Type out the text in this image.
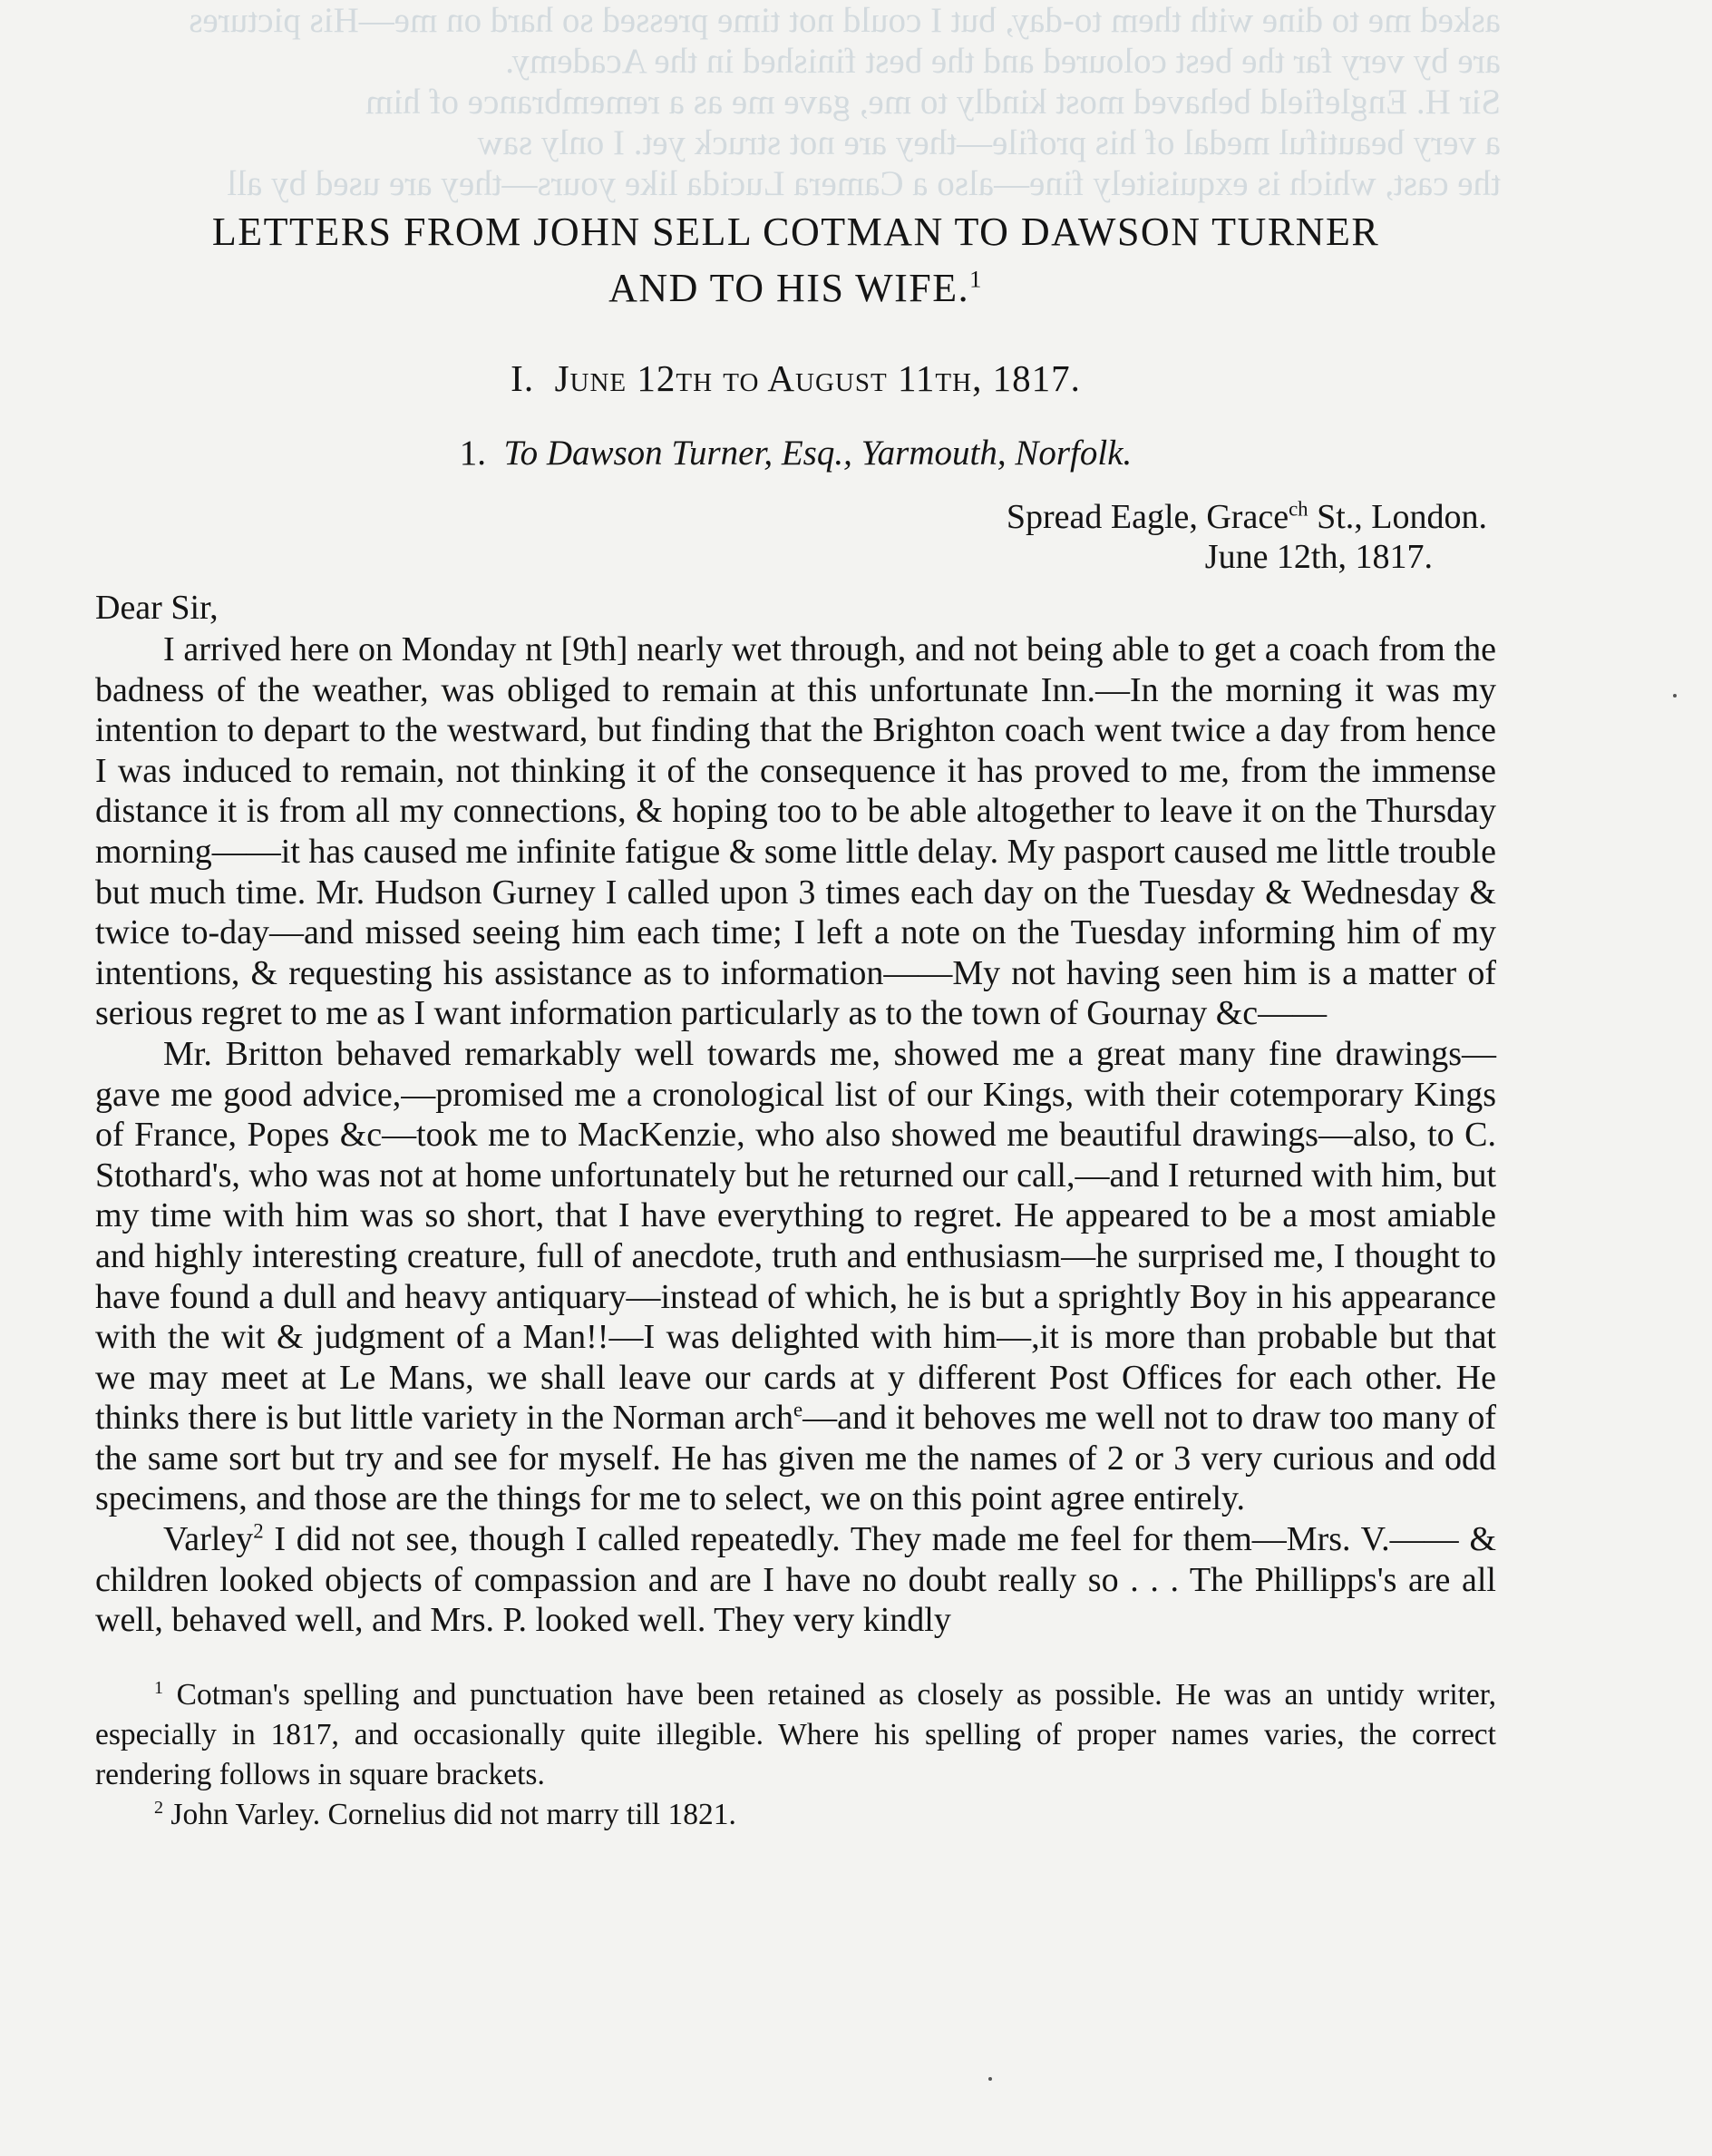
asked me to dine with them to-day, but I could not time pressed so hard on me—His pictures
are by very far the best coloured and the best finished in the Academy.
Sir H. Englefield behaved most kindly to me, gave me as a remembrance of him
a very beautiful medal of his profile—they are not struck yet. I only saw
the cast, which is exquisitely fine—also a Camera Lucida like yours—they are used by all
LETTERS FROM JOHN SELL COTMAN TO DAWSON TURNER
AND TO HIS WIFE.$^1$
I. June 12th to August 11th, 1817.
1. To Dawson Turner, Esq., Yarmouth, Norfolk.
Spread Eagle, Grace$^{ch}$ St., London.
June 12th, 1817.
Dear Sir,

I arrived here on Monday nt [9th] nearly wet through, and not being able to get a coach from the badness of the weather, was obliged to remain at this unfortunate Inn.—In the morning it was my intention to depart to the westward, but finding that the Brighton coach went twice a day from hence I was induced to remain, not thinking it of the consequence it has proved to me, from the immense distance it is from all my connections, & hoping too to be able altogether to leave it on the Thursday morning——it has caused me infinite fatigue & some little delay. My pasport caused me little trouble but much time. Mr. Hudson Gurney I called upon 3 times each day on the Tuesday & Wednesday & twice to-day—and missed seeing him each time; I left a note on the Tuesday informing him of my intentions, & requesting his assistance as to information——My not having seen him is a matter of serious regret to me as I want information particularly as to the town of Gournay &c——

Mr. Britton behaved remarkably well towards me, showed me a great many fine drawings—gave me good advice,—promised me a cronological list of our Kings, with their cotemporary Kings of France, Popes &c—took me to MacKenzie, who also showed me beautiful drawings—also, to C. Stothard's, who was not at home unfortunately but he returned our call,—and I returned with him, but my time with him was so short, that I have everything to regret. He appeared to be a most amiable and highly interesting creature, full of anecdote, truth and enthusiasm—he surprised me, I thought to have found a dull and heavy antiquary—instead of which, he is but a sprightly Boy in his appearance with the wit & judgment of a Man!!—I was delighted with him—,it is more than probable but that we may meet at Le Mans, we shall leave our cards at y different Post Offices for each other. He thinks there is but little variety in the Norman arch$^e$—and it behoves me well not to draw too many of the same sort but try and see for myself. He has given me the names of 2 or 3 very curious and odd specimens, and those are the things for me to select, we on this point agree entirely.

Varley$^2$ I did not see, though I called repeatedly. They made me feel for them—Mrs. V.—— & children looked objects of compassion and are I have no doubt really so . . . The Phillipps's are all well, behaved well, and Mrs. P. looked well. They very kindly

$^1$ Cotman's spelling and punctuation have been retained as closely as possible. He was an untidy writer, especially in 1817, and occasionally quite illegible. Where his spelling of proper names varies, the correct rendering follows in square brackets.

$^2$ John Varley. Cornelius did not marry till 1821.
